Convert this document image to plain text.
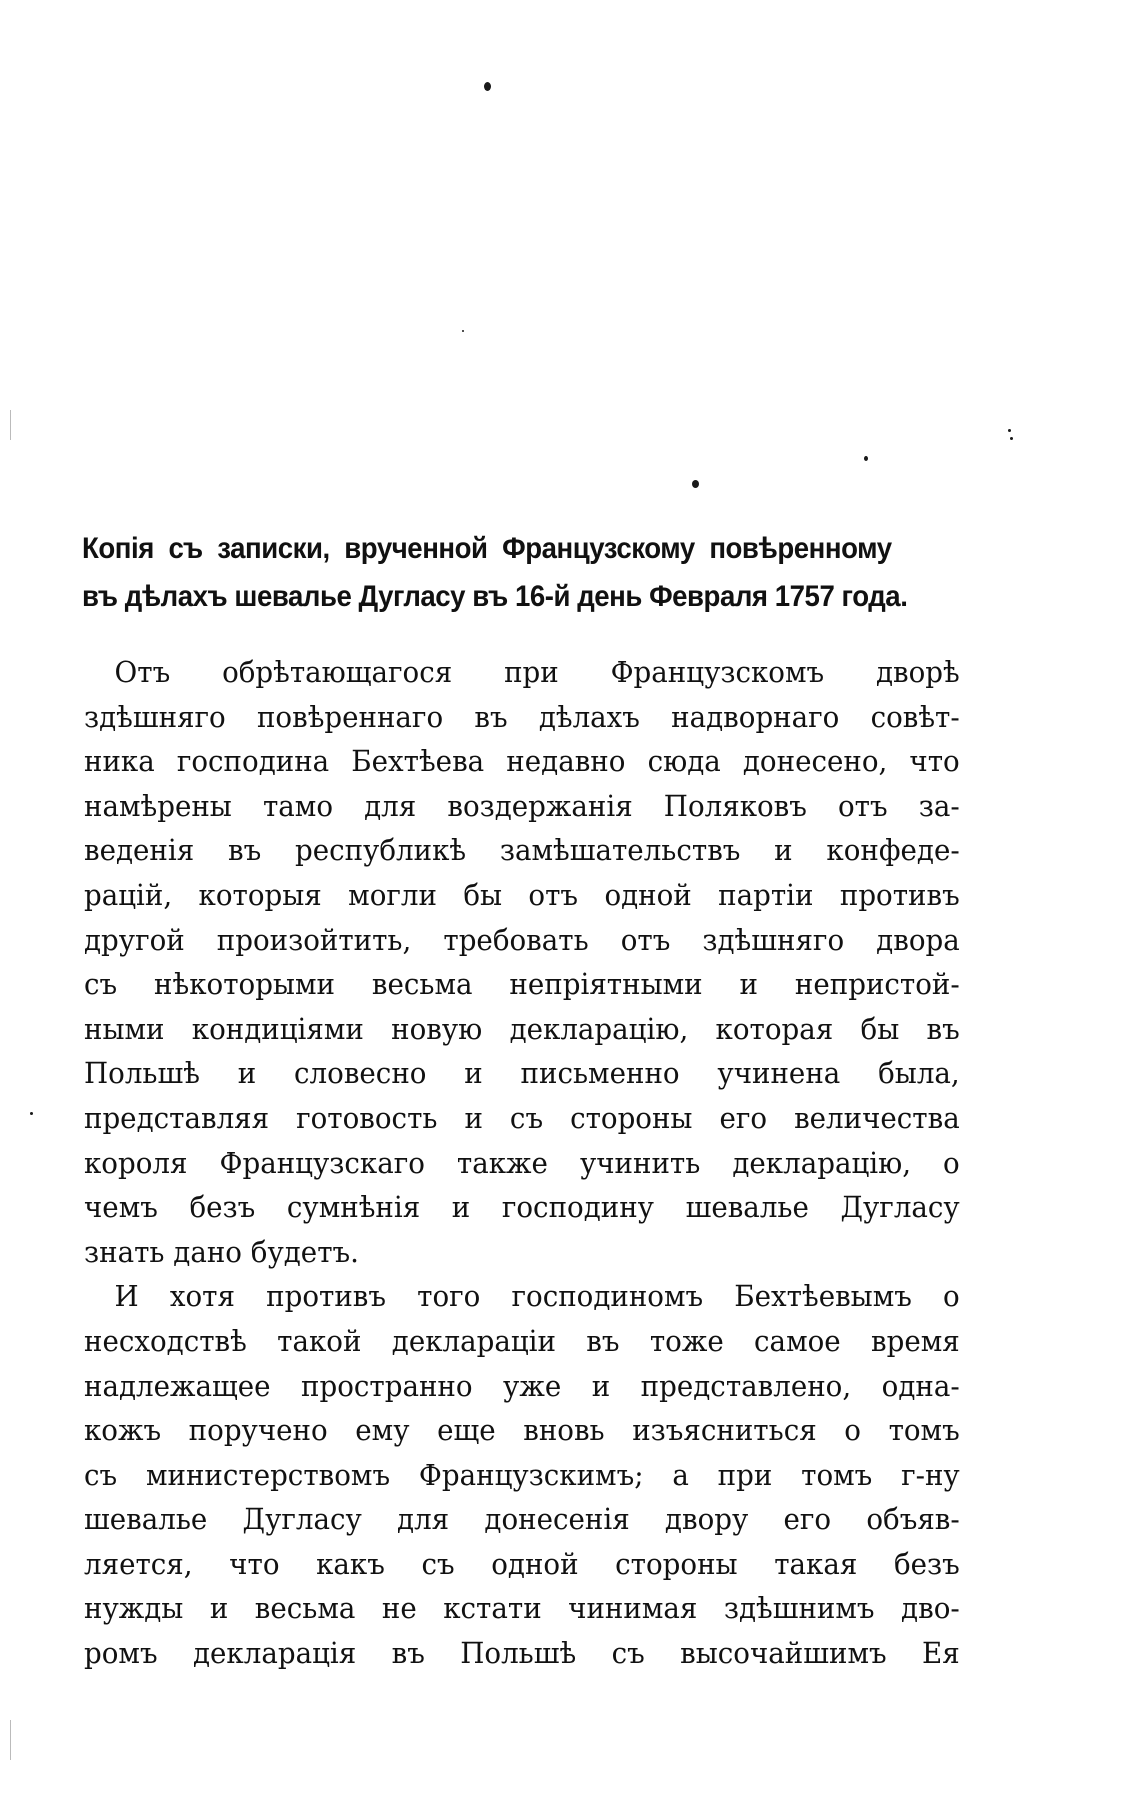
Копія съ записки, врученной Французскому повѣренному
въ дѣлахъ шевалье Дугласу въ 16-й день Февраля 1757 года.
Отъ обрѣтающагося при Французскомъ дворѣ
здѣшняго повѣреннаго въ дѣлахъ надворнаго совѣт-
ника господина Бехтѣева недавно сюда донесено, что
намѣрены тамо для воздержанія Поляковъ отъ за-
веденія въ республикѣ замѣшательствъ и конфеде-
рацій, которыя могли бы отъ одной партіи противъ
другой произойтить, требовать отъ здѣшняго двора
съ нѣкоторыми весьма непріятными и непристой-
ными кондиціями новую декларацію, которая бы въ
Польшѣ и словесно и письменно учинена была,
представляя готовость и съ стороны его величества
короля Французскаго также учинить декларацію, о
чемъ безъ сумнѣнія и господину шевалье Дугласу
знать дано будетъ.
И хотя противъ того господиномъ Бехтѣевымъ о
несходствѣ такой деклараціи въ тоже самое время
надлежащее пространно уже и представлено, одна-
кожъ поручено ему еще вновь изъясниться о томъ
съ министерствомъ Французскимъ; а при томъ г-ну
шевалье Дугласу для донесенія двору его объяв-
ляется, что какъ съ одной стороны такая безъ
нужды и весьма не кстати чинимая здѣшнимъ дво-
ромъ декларація въ Польшѣ съ высочайшимъ Ея
